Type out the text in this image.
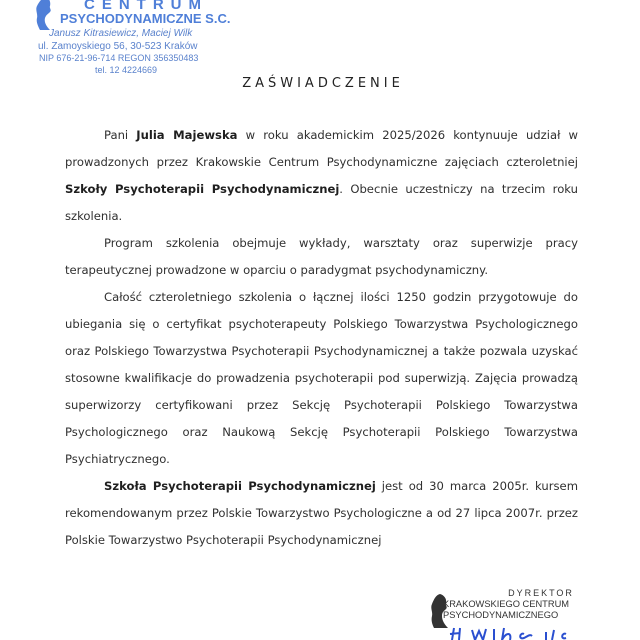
CENTRUM
PSYCHODYNAMICZNE S.C.
Janusz Kitrasiewicz, Maciej Wilk
ul. Zamoyskiego 56, 30-523 Kraków
NIP 676-21-96-714 REGON 356350483
tel. 12 4224669
ZAŚWIADCZENIE

Pani Julia Majewska w roku akademickim 2025/2026 kontynuuje udział w prowadzonych przez Krakowskie Centrum Psychodynamiczne zajęciach czteroletniej Szkoły Psychoterapii Psychodynamicznej. Obecnie uczestniczy na trzecim roku szkolenia.

Program szkolenia obejmuje wykłady, warsztaty oraz superwizje pracy terapeutycznej prowadzone w oparciu o paradygmat psychodynamiczny.

Całość czteroletniego szkolenia o łącznej ilości 1250 godzin przygotowuje do ubiegania się o certyfikat psychoterapeuty Polskiego Towarzystwa Psychologicznego oraz Polskiego Towarzystwa Psychoterapii Psychodynamicznej a także pozwala uzyskać stosowne kwalifikacje do prowadzenia psychoterapii pod superwizją. Zajęcia prowadzą superwizorzy certyfikowani przez Sekcję Psychoterapii Polskiego Towarzystwa Psychologicznego oraz Naukową Sekcję Psychoterapii Polskiego Towarzystwa Psychiatrycznego.

Szkoła Psychoterapii Psychodynamicznej jest od 30 marca 2005r. kursem rekomendowanym przez Polskie Towarzystwo Psychologiczne a od 27 lipca 2007r. przez Polskie Towarzystwo Psychoterapii Psychodynamicznej

DYREKTOR
KRAKOWSKIEGO CENTRUM
PSYCHODYNAMICZNEGO
